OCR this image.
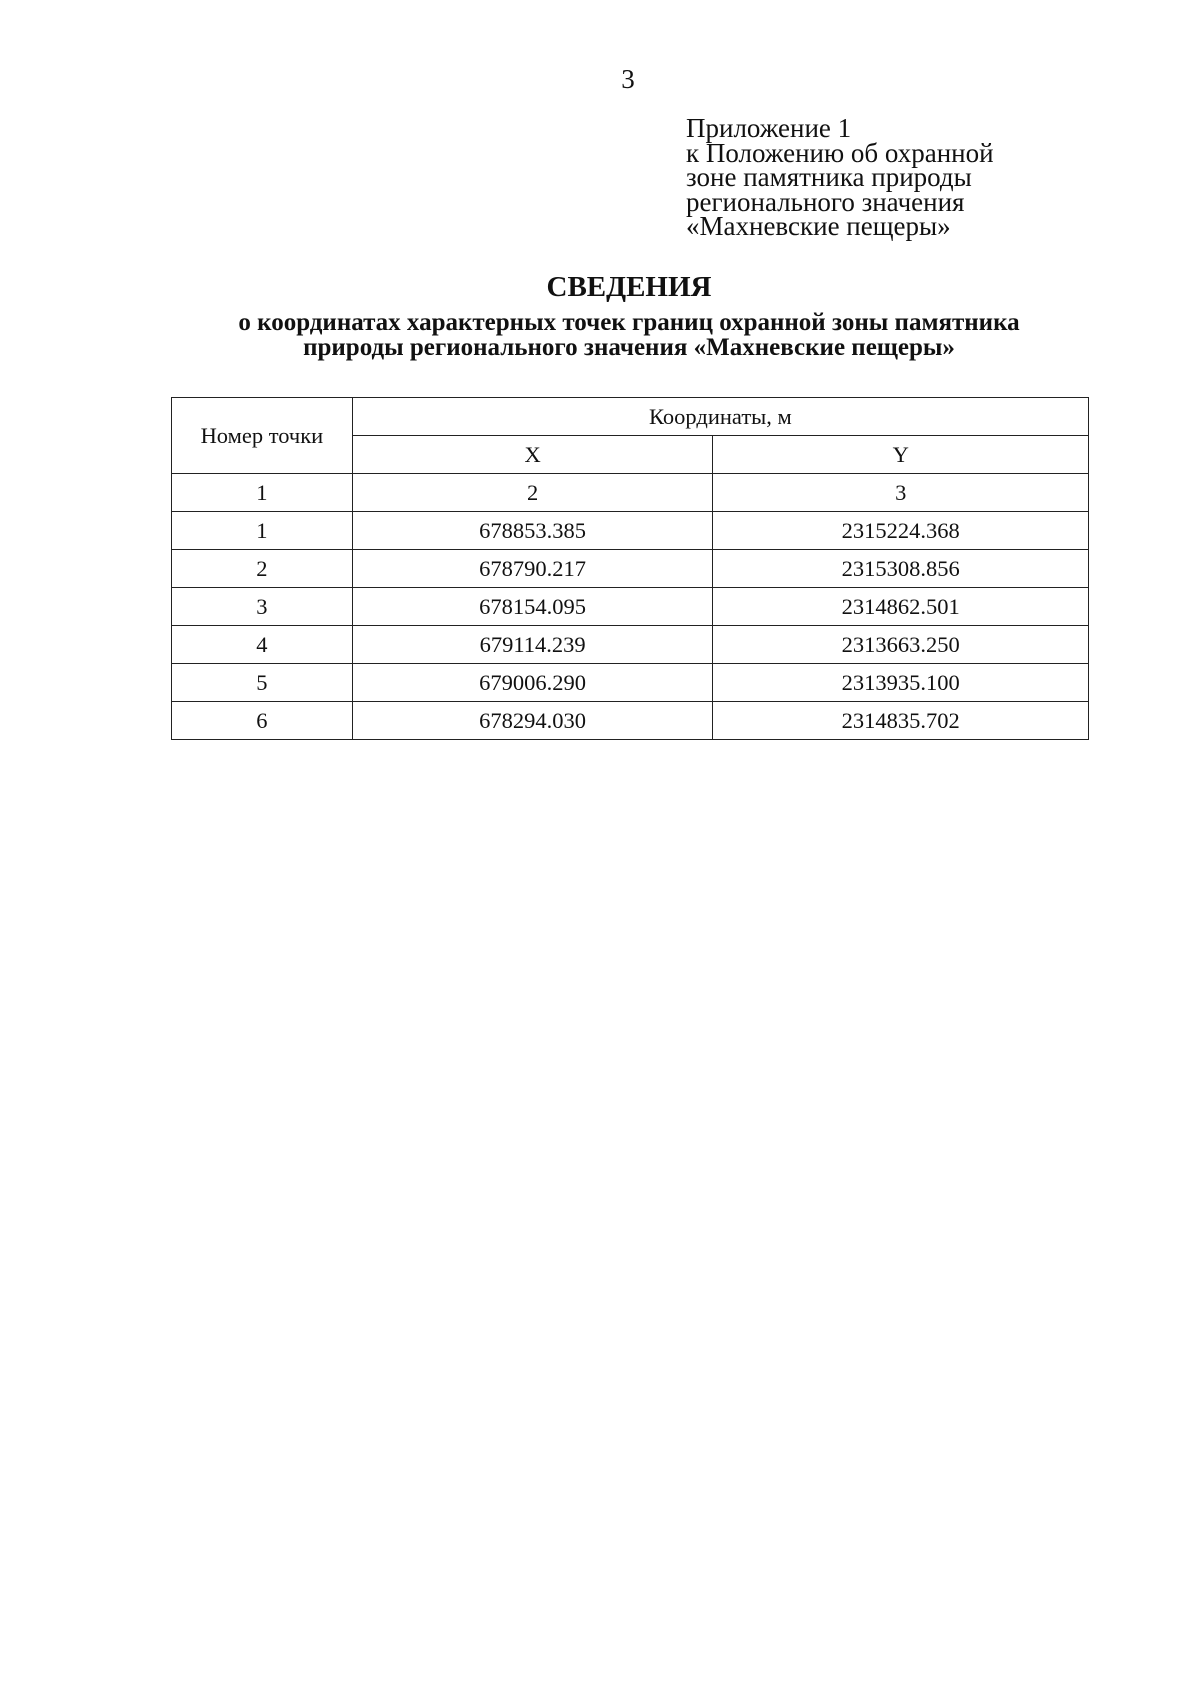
3
Приложение 1
к Положению об охранной
зоне памятника природы
регионального значения
«Махневские пещеры»
СВЕДЕНИЯ
о координатах характерных точек границ охранной зоны памятника
природы регионального значения «Махневские пещеры»
Номер точки	Координаты, м	
	X	Y
1	2	3
1	678853.385	2315224.368
2	678790.217	2315308.856
3	678154.095	2314862.501
4	679114.239	2313663.250
5	679006.290	2313935.100
6	678294.030	2314835.702
